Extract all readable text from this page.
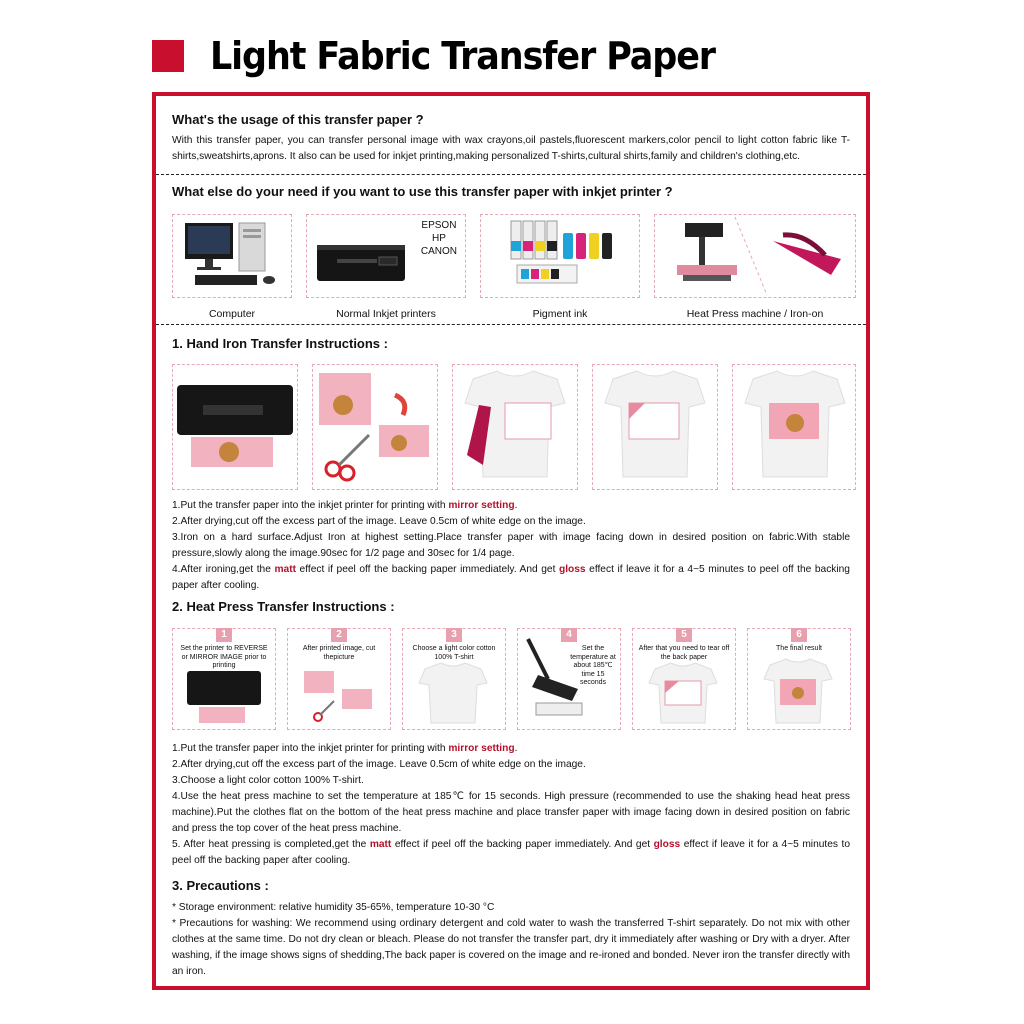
Light Fabric Transfer Paper
What's the usage of this transfer paper ?
With this transfer paper, you can transfer personal image with wax crayons,oil pastels,fluorescent markers,color pencil to light cotton fabric like T-shirts,sweatshirts,aprons. It also can be used for inkjet printing,making personalized T-shirts,cultural shirts,family and children's clothing,etc.
What else do your need if you want to use this transfer paper with inkjet printer ?
Computer
EPSON
HP
CANON
Normal Inkjet printers	Pigment ink	Heat Press machine / Iron-on
1. Hand Iron Transfer Instructions :
1.Put the transfer paper into the inkjet printer for printing with mirror setting.
2.After drying,cut off the excess part of the image. Leave 0.5cm of white edge on the image.
3.Iron on a hard surface.Adjust Iron at highest setting.Place transfer paper with image facing down in desired position on fabric.With stable pressure,slowly along the image.90sec for 1/2 page and 30sec for 1/4 page.
4.After ironing,get the matt effect if peel off the backing paper immediately. And get gloss effect if leave it for a 4~5 minutes to peel off the backing paper after cooling.
2. Heat Press Transfer Instructions :
1
Set the printer to REVERSE or MIRROR IMAGE prior to printing
2
After printed image, cut thepicture
3
Choose a light color cotton 100% T-shirt
4
Set the temperature at about 185℃ time 15 seconds
5
After that you need to tear off the back paper
6
The final result
1.Put the transfer paper into the inkjet printer for printing with mirror setting.
2.After drying,cut off the excess part of the image. Leave 0.5cm of white edge on the image.
3.Choose a light color cotton 100% T-shirt.
4.Use the heat press machine to set the temperature at 185℃ for 15 seconds. High pressure (recommended to use the shaking head heat press machine).Put the clothes flat on the bottom of the heat press machine and place transfer paper with image facing down in desired position on fabric and press the top cover of the heat press machine.
5. After heat pressing is completed,get the matt effect if peel off the backing paper immediately. And get gloss effect if leave it for a 4~5 minutes to peel off the backing paper after cooling.
3. Precautions :
* Storage environment: relative humidity 35-65%, temperature 10-30 °C
* Precautions for washing: We recommend using ordinary detergent and cold water to wash the transferred T-shirt separately. Do not mix with other clothes at the same time. Do not dry clean or bleach. Please do not transfer the transfer part, dry it immediately after washing or Dry with a dryer. After washing, if the image shows signs of shedding,The back paper is covered on the image and re-ironed and bonded. Never iron the transfer directly with an iron.
